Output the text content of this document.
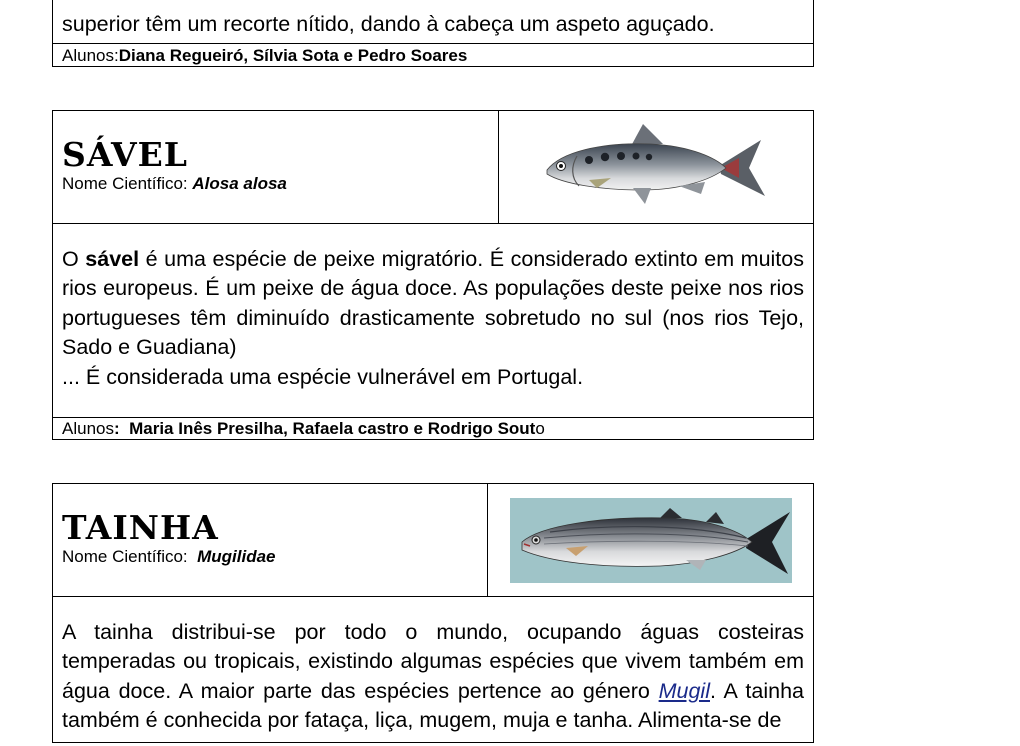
superior têm um recorte nítido, dando à cabeça um aspeto aguçado.
Alunos: Diana Regueiró, Sílvia Sota e Pedro Soares
SÁVEL
Nome Científico: Alosa alosa
O sável é uma espécie de peixe migratório. É considerado extinto em muitos rios europeus. É um peixe de água doce. As populações deste peixe nos rios portugueses têm diminuído drasticamente sobretudo no sul (nos rios Tejo, Sado e Guadiana)
... É considerada uma espécie vulnerável em Portugal.
Alunos : Maria Inês Presilha, Rafaela castro e Rodrigo Sout o
TAINHA
Nome Científico:  Mugilidae
A tainha distribui-se por todo o mundo, ocupando águas costeiras temperadas ou tropicais, existindo algumas espécies que vivem também em água doce. A maior parte das espécies pertence ao género Mugil. A tainha também é conhecida por fataça, liça, mugem, muja e tanha. Alimenta-se de
